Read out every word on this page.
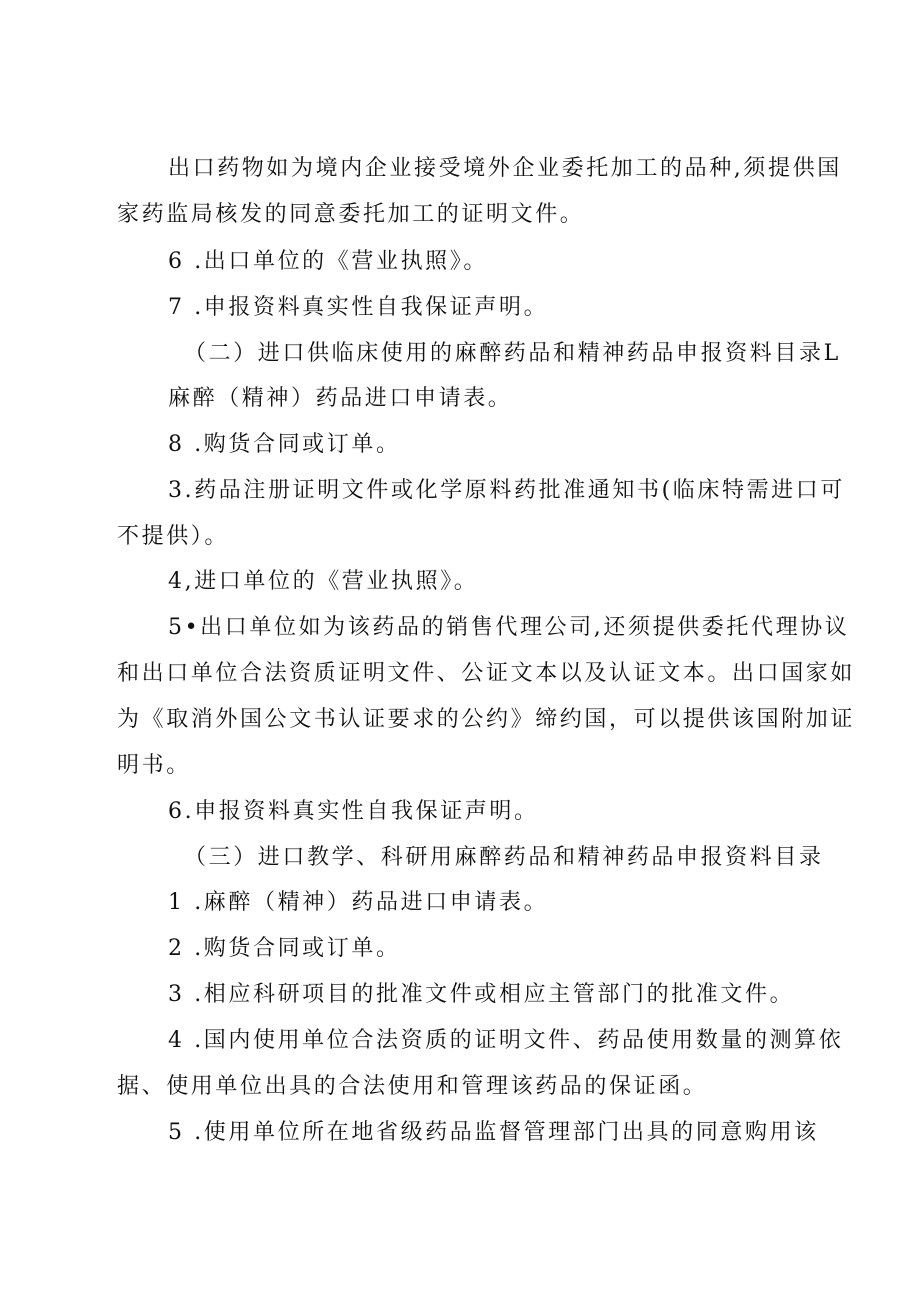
出口药物如为境内企业接受境外企业委托加工的品种,须提供国
家药监局核发的同意委托加工的证明文件。
6 .出口单位的《营业执照》。
7 .申报资料真实性自我保证声明。
（二）进口供临床使用的麻醉药品和精神药品申报资料目录L
麻醉（精神）药品进口申请表。
8 .购货合同或订单。
3.药品注册证明文件或化学原料药批准通知书(临床特需进口可
不提供）。
4,进口单位的《营业执照》。
5•出口单位如为该药品的销售代理公司,还须提供委托代理协议
和出口单位合法资质证明文件、公证文本以及认证文本。出口国家如
为《取消外国公文书认证要求的公约》缔约国，可以提供该国附加证
明书。
6.申报资料真实性自我保证声明。
（三）进口教学、科研用麻醉药品和精神药品申报资料目录
1 .麻醉（精神）药品进口申请表。
2 .购货合同或订单。
3 .相应科研项目的批准文件或相应主管部门的批准文件。
4 .国内使用单位合法资质的证明文件、药品使用数量的测算依
据、使用单位出具的合法使用和管理该药品的保证函。
5 .使用单位所在地省级药品监督管理部门出具的同意购用该
